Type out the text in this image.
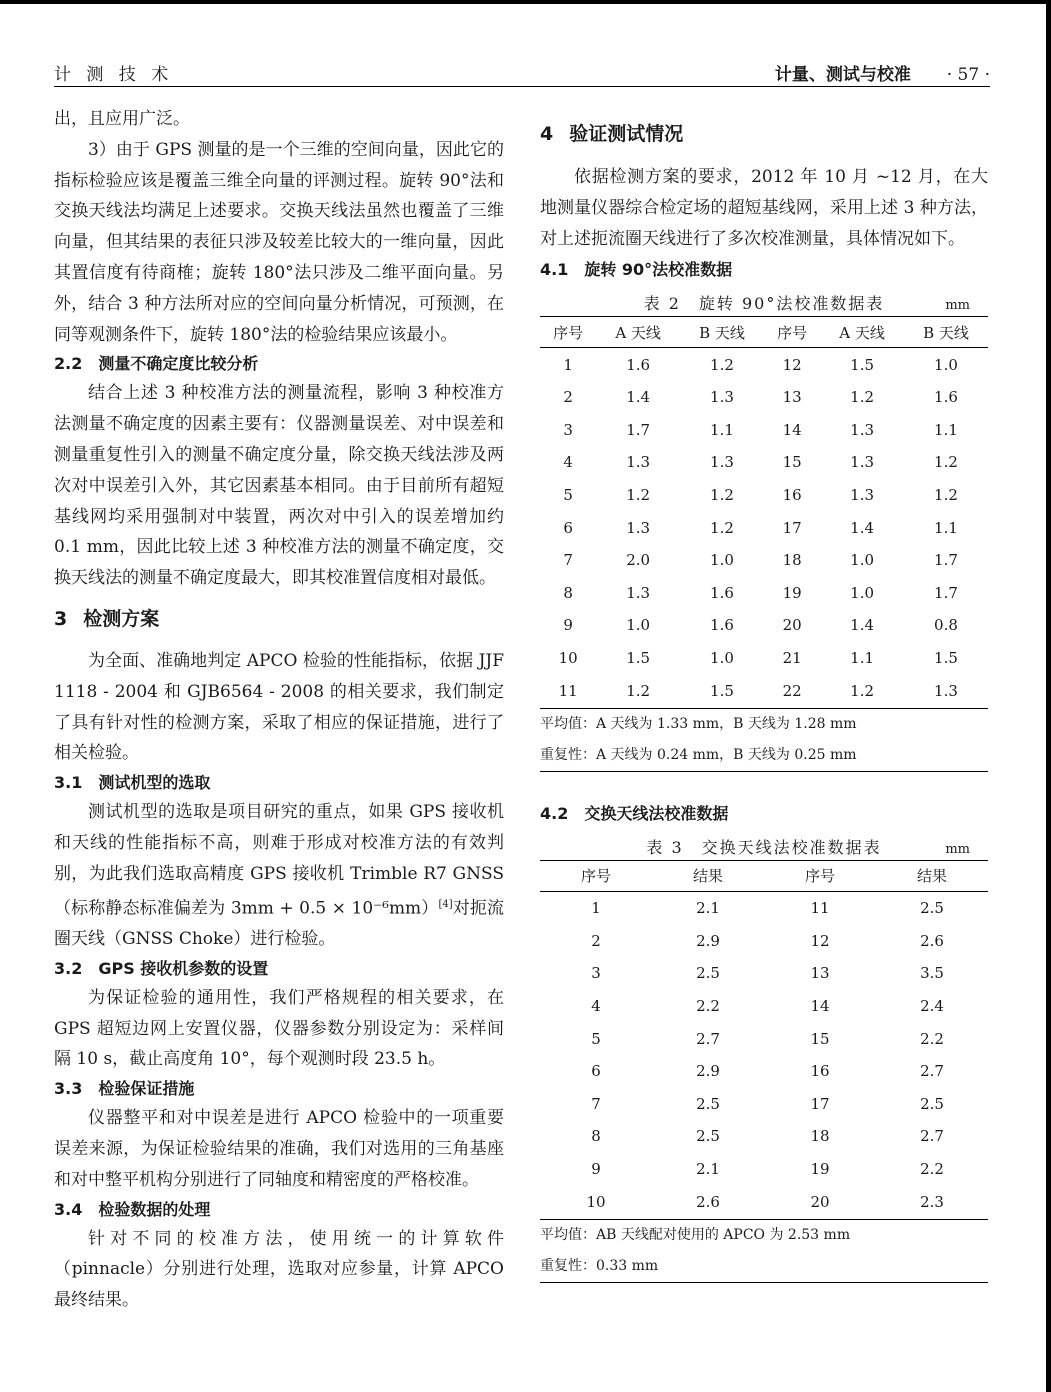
计 测 技 术	计量、测试与校准 · 57 ·

出，且应用广泛。

3）由于 GPS 测量的是一个三维的空间向量，因此它的指标检验应该是覆盖三维全向量的评测过程。旋转 90°法和交换天线法均满足上述要求。交换天线法虽然也覆盖了三维向量，但其结果的表征只涉及较差比较大的一维向量，因此其置信度有待商榷；旋转 180°法只涉及二维平面向量。另外，结合 3 种方法所对应的空间向量分析情况，可预测，在同等观测条件下，旋转 180°法的检验结果应该最小。

2.2 测量不确定度比较分析

结合上述 3 种校准方法的测量流程，影响 3 种校准方法测量不确定度的因素主要有：仪器测量误差、对中误差和测量重复性引入的测量不确定度分量，除交换天线法涉及两次对中误差引入外，其它因素基本相同。由于目前所有超短基线网均采用强制对中装置，两次对中引入的误差增加约 0.1 mm，因此比较上述 3 种校准方法的测量不确定度，交换天线法的测量不确定度最大，即其校准置信度相对最低。

3 检测方案

为全面、准确地判定 APCO 检验的性能指标，依据 JJF 1118 - 2004 和 GJB6564 - 2008 的相关要求，我们制定了具有针对性的检测方案，采取了相应的保证措施，进行了相关检验。

3.1 测试机型的选取

测试机型的选取是项目研究的重点，如果 GPS 接收机和天线的性能指标不高，则难于形成对校准方法的有效判别，为此我们选取高精度 GPS 接收机 Trimble R7 GNSS（标称静态标准偏差为 3mm + 0.5 × 10⁻⁶mm）[4]对扼流圈天线（GNSS Choke）进行检验。

3.2 GPS 接收机参数的设置

为保证检验的通用性，我们严格规程的相关要求，在 GPS 超短边网上安置仪器，仪器参数分别设定为：采样间隔 10 s，截止高度角 10°，每个观测时段 23.5 h。

3.3 检验保证措施

仪器整平和对中误差是进行 APCO 检验中的一项重要误差来源，为保证检验结果的准确，我们对选用的三角基座和对中整平机构分别进行了同轴度和精密度的严格校准。

3.4 检验数据的处理

针对不同的校准方法，使用统一的计算软件（pinnacle）分别进行处理，选取对应参量，计算 APCO 最终结果。

4 验证测试情况

依据检测方案的要求，2012 年 10 月 ~12 月，在大地测量仪器综合检定场的超短基线网，采用上述 3 种方法，对上述扼流圈天线进行了多次校准测量，具体情况如下。

4.1 旋转 90°法校准数据
表 2　旋转 90°法校准数据表	mm
序号	A 天线	B 天线	序号	A 天线	B 天线
1	1.6	1.2	12	1.5	1.0
2	1.4	1.3	13	1.2	1.6
3	1.7	1.1	14	1.3	1.1
4	1.3	1.3	15	1.3	1.2
5	1.2	1.2	16	1.3	1.2
6	1.3	1.2	17	1.4	1.1
7	2.0	1.0	18	1.0	1.7
8	1.3	1.6	19	1.0	1.7
9	1.0	1.6	20	1.4	0.8
10	1.5	1.0	21	1.1	1.5
11	1.2	1.5	22	1.2	1.3
平均值：A 天线为 1.33 mm，B 天线为 1.28 mm
重复性：A 天线为 0.24 mm，B 天线为 0.25 mm
4.2 交换天线法校准数据
表 3　交换天线法校准数据表	mm
序号	结果	序号	结果
1	2.1	11	2.5
2	2.9	12	2.6
3	2.5	13	3.5
4	2.2	14	2.4
5	2.7	15	2.2
6	2.9	16	2.7
7	2.5	17	2.5
8	2.5	18	2.7
9	2.1	19	2.2
10	2.6	20	2.3
平均值：AB 天线配对使用的 APCO 为 2.53 mm
重复性：0.33 mm
